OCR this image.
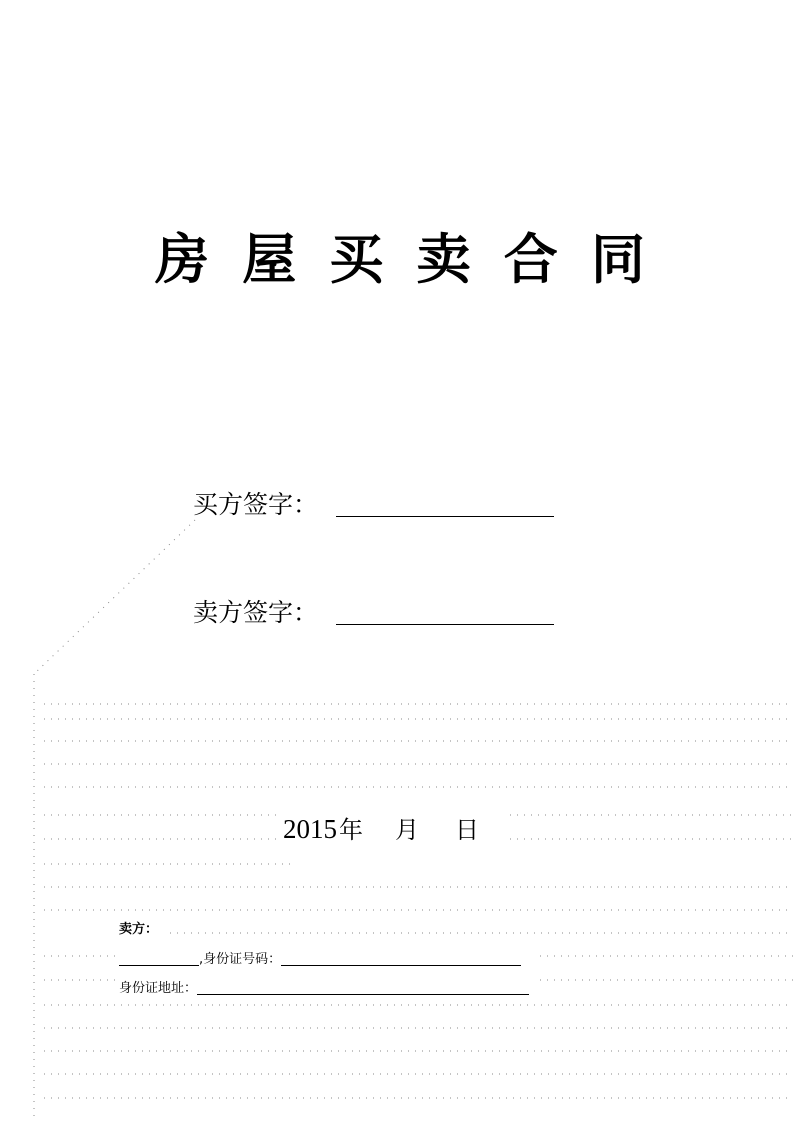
房 屋 买 卖 合 同
买方签字：
卖方签字：
2015 年 月 日
卖方：
,身份证号码：
身份证地址：
